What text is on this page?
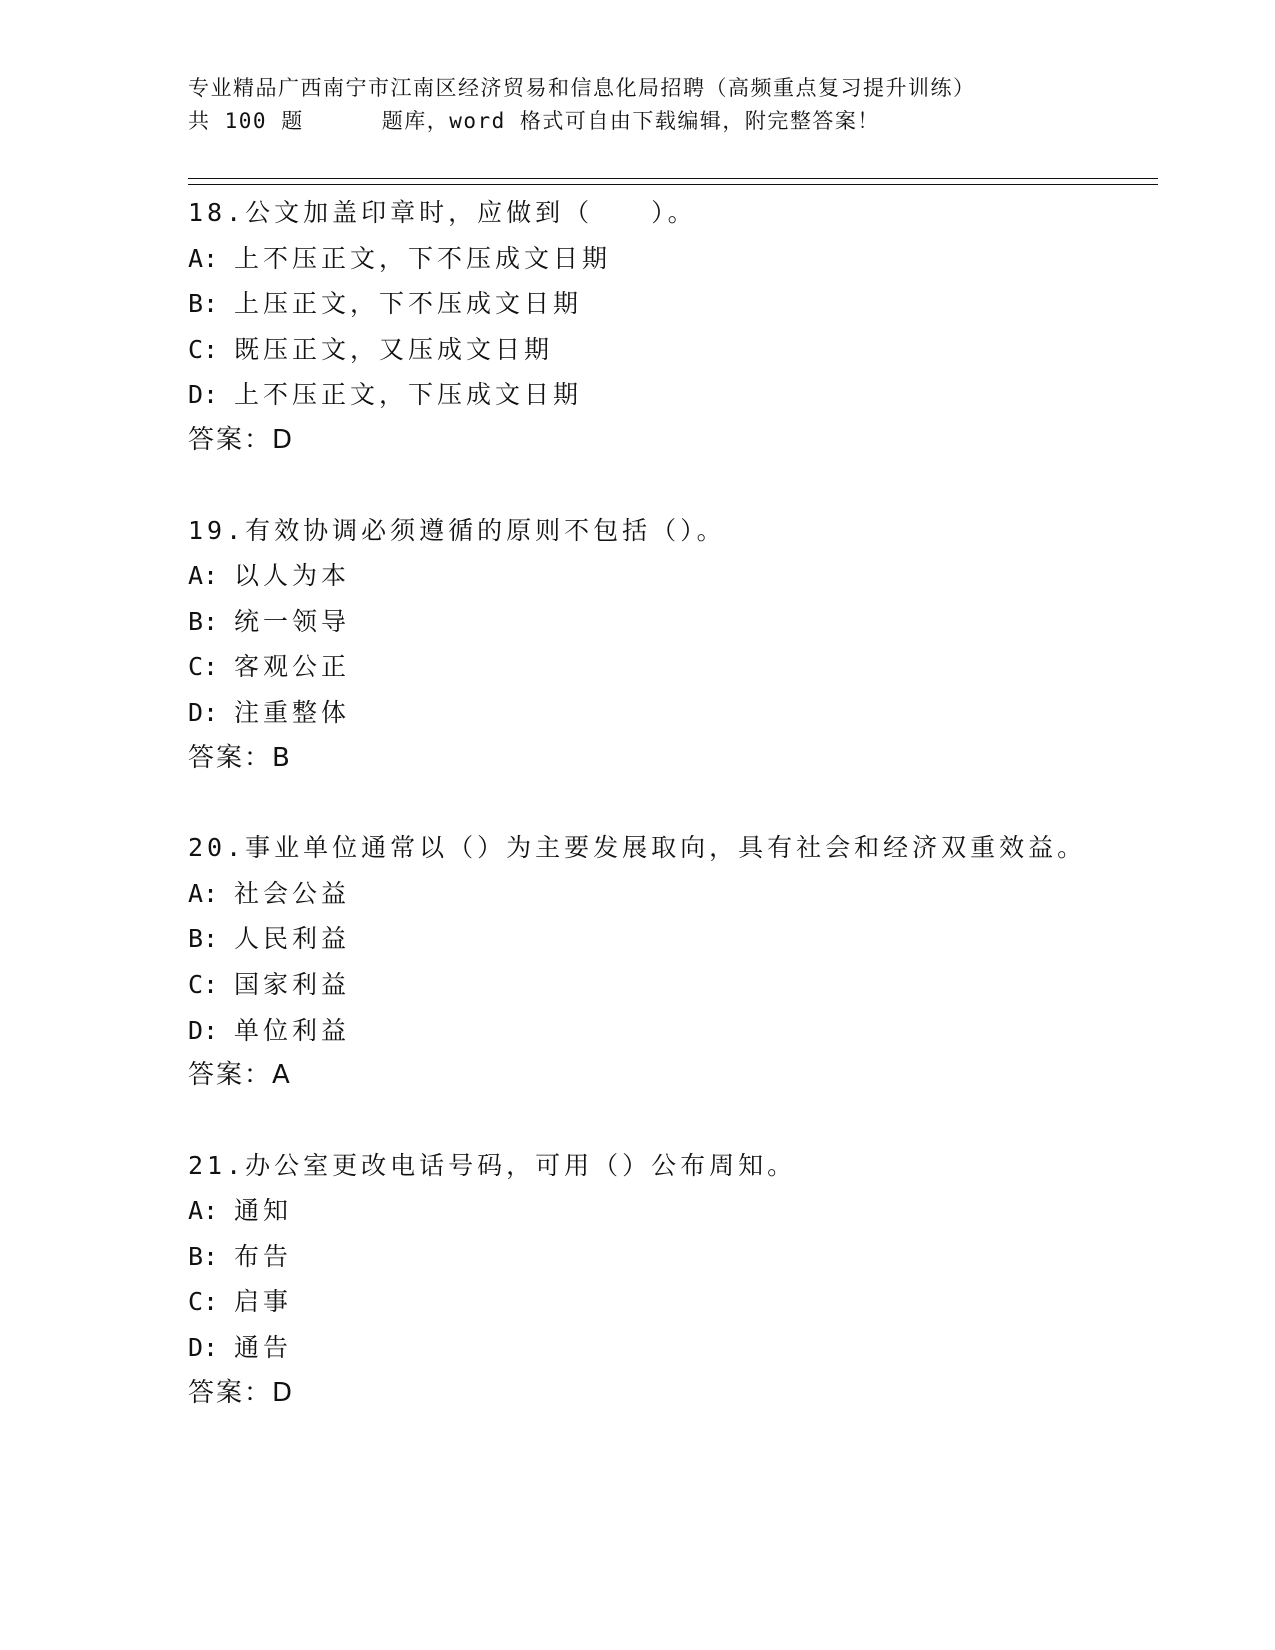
专业精品广西南宁市江南区经济贸易和信息化局招聘（高频重点复习提升训练）
共 100 题	题库，word 格式可自由下载编辑，附完整答案！
18.公文加盖印章时，应做到（　　）。
A: 上不压正文，下不压成文日期
B: 上压正文，下不压成文日期
C: 既压正文，又压成文日期
D: 上不压正文，下压成文日期
答案：D
19.有效协调必须遵循的原则不包括（）。
A: 以人为本
B: 统一领导
C: 客观公正
D: 注重整体
答案：B
20.事业单位通常以（）为主要发展取向，具有社会和经济双重效益。
A: 社会公益
B: 人民利益
C: 国家利益
D: 单位利益
答案：A
21.办公室更改电话号码，可用（）公布周知。
A: 通知
B: 布告
C: 启事
D: 通告
答案：D
